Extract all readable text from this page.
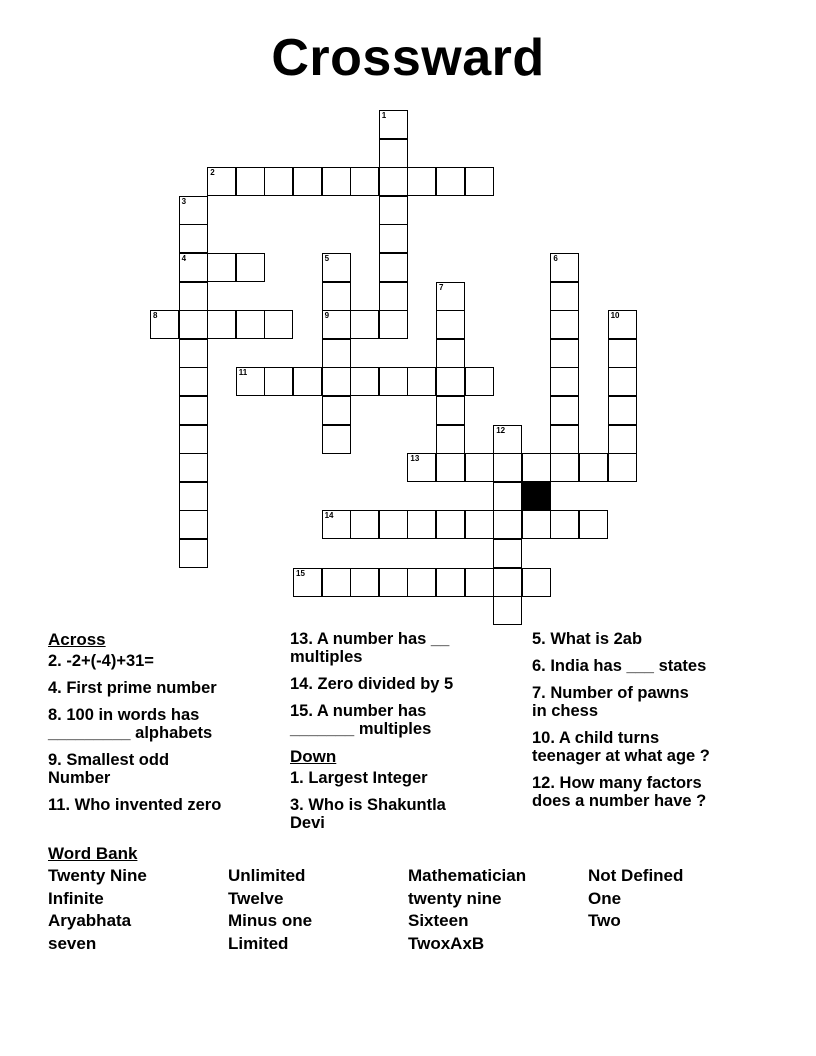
Crossward
2
4
8	9
11
13
14
15
1
3
5	6
7
10
12
Across
2. -2+(-4)+31=
4. First prime number
8. 100 in words has
_________ alphabets
9. Smallest odd
Number
11. Who invented zero
13. A number has __
multiples
14. Zero divided by 5
15. A number has
_______ multiples
Down
1. Largest Integer
3. Who is Shakuntla
Devi
5. What is 2ab
6. India has ___ states
7. Number of pawns
in chess
10. A child turns
teenager at what age ?
12. How many factors
does a number have ?
Word Bank
Twenty Nine	Unlimited	Mathematician	Not Defined
Infinite	Twelve	twenty nine	One
Aryabhata	Minus one	Sixteen	Two
seven	Limited	TwoxAxB
